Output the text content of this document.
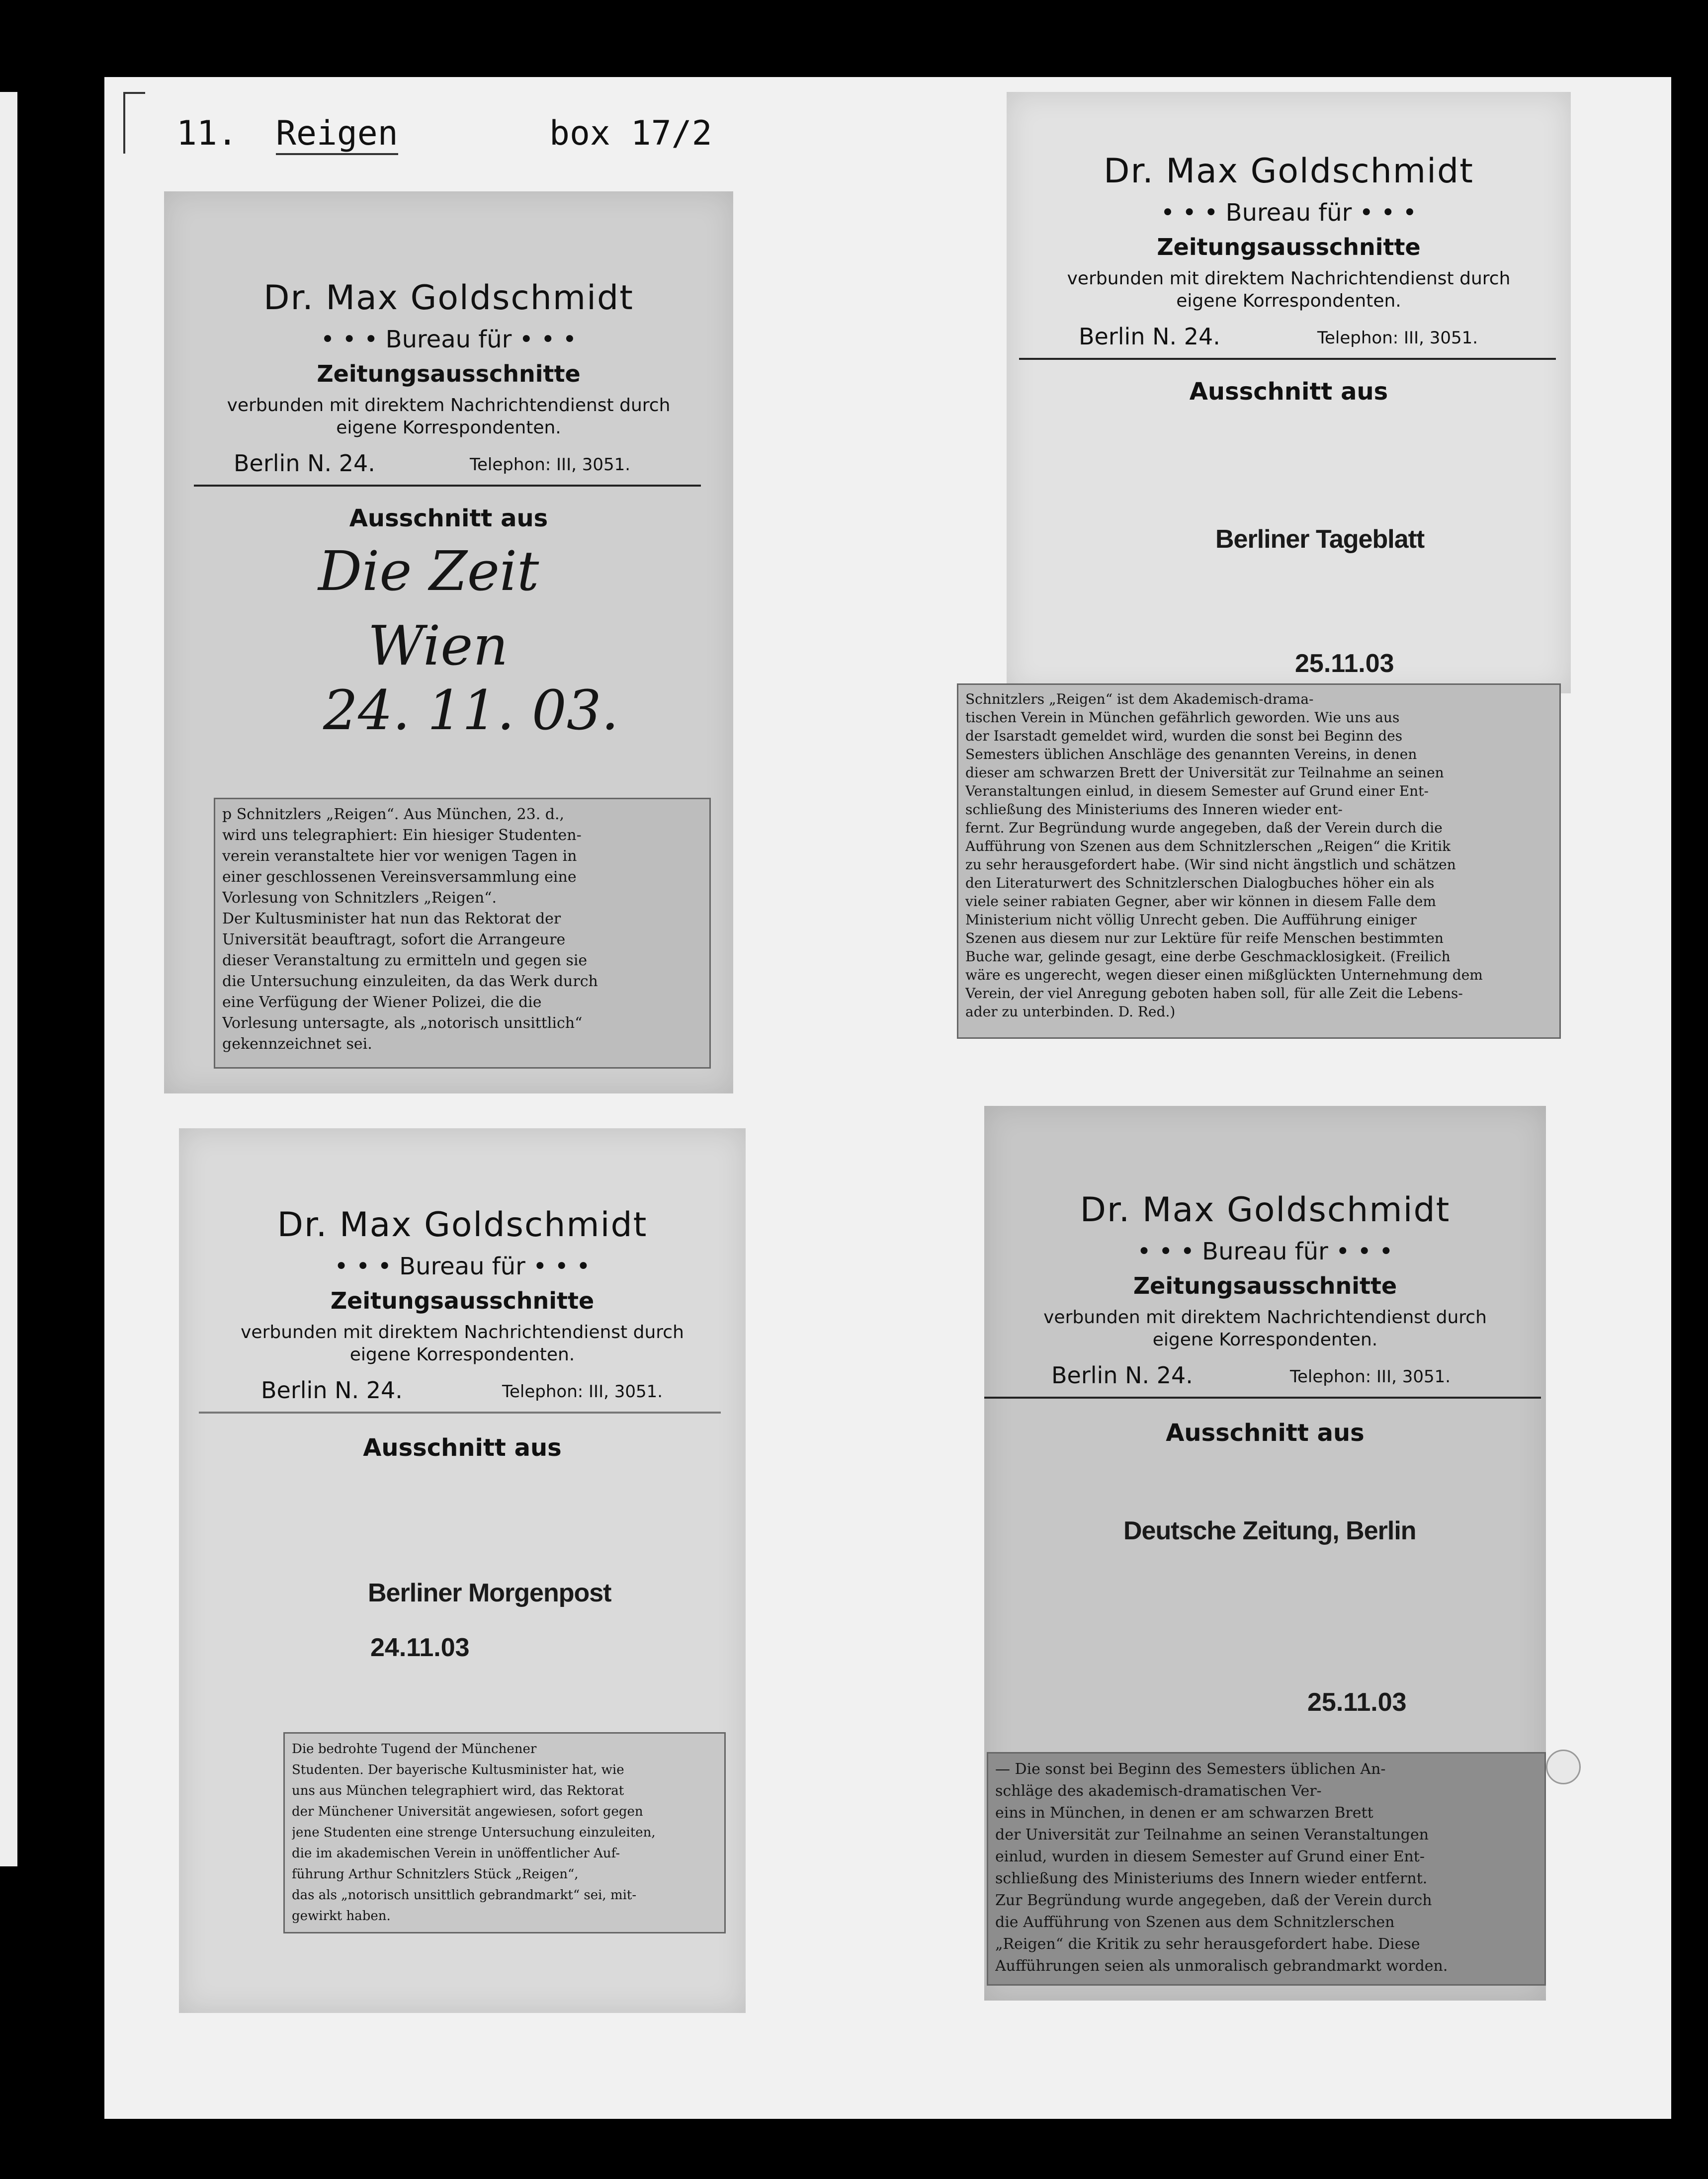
11. Reigen	box 17/2
Dr. Max Goldschmidt
• • • Bureau für • • •
Zeitungsausschnitte
verbunden mit direktem Nachrichtendienst durch
eigene Korrespondenten.
Berlin N. 24.	Telephon: III, 3051.
Ausschnitt aus
Die Zeit
Wien
24. 11. 03.
p Schnitzlers „Reigen“. Aus München, 23. d.,
wird uns telegraphiert: Ein hiesiger Studenten-
verein veranstaltete hier vor wenigen Tagen in
einer geschlossenen Vereinsversammlung eine
Vorlesung von Schnitzlers „Reigen“.
Der Kultusminister hat nun das Rektorat der
Universität beauftragt, sofort die Arrangeure
dieser Veranstaltung zu ermitteln und gegen sie
die Untersuchung einzuleiten, da das Werk durch
eine Verfügung der Wiener Polizei, die die
Vorlesung untersagte, als „notorisch unsittlich“
gekennzeichnet sei.
Dr. Max Goldschmidt
• • • Bureau für • • •
Zeitungsausschnitte
verbunden mit direktem Nachrichtendienst durch
eigene Korrespondenten.
Berlin N. 24.	Telephon: III, 3051.
Ausschnitt aus
Berliner Tageblatt
25.11.03
Schnitzlers „Reigen“ ist dem Akademisch-drama-
tischen Verein in München gefährlich geworden. Wie uns aus
der Isarstadt gemeldet wird, wurden die sonst bei Beginn des
Semesters üblichen Anschläge des genannten Vereins, in denen
dieser am schwarzen Brett der Universität zur Teilnahme an seinen
Veranstaltungen einlud, in diesem Semester auf Grund einer Ent-
schließung des Ministeriums des Inneren wieder ent-
fernt. Zur Begründung wurde angegeben, daß der Verein durch die
Aufführung von Szenen aus dem Schnitzlerschen „Reigen“ die Kritik
zu sehr herausgefordert habe. (Wir sind nicht ängstlich und schätzen
den Literaturwert des Schnitzlerschen Dialogbuches höher ein als
viele seiner rabiaten Gegner, aber wir können in diesem Falle dem
Ministerium nicht völlig Unrecht geben. Die Aufführung einiger
Szenen aus diesem nur zur Lektüre für reife Menschen bestimmten
Buche war, gelinde gesagt, eine derbe Geschmacklosigkeit. (Freilich
wäre es ungerecht, wegen dieser einen mißglückten Unternehmung dem
Verein, der viel Anregung geboten haben soll, für alle Zeit die Lebens-
ader zu unterbinden. D. Red.)
Dr. Max Goldschmidt
• • • Bureau für • • •
Zeitungsausschnitte
verbunden mit direktem Nachrichtendienst durch
eigene Korrespondenten.
Berlin N. 24.	Telephon: III, 3051.
Ausschnitt aus
Berliner Morgenpost
24.11.03
Die bedrohte Tugend der Münchener
Studenten. Der bayerische Kultusminister hat, wie
uns aus München telegraphiert wird, das Rektorat
der Münchener Universität angewiesen, sofort gegen
jene Studenten eine strenge Untersuchung einzuleiten,
die im akademischen Verein in unöffentlicher Auf-
führung Arthur Schnitzlers Stück „Reigen“,
das als „notorisch unsittlich gebrandmarkt“ sei, mit-
gewirkt haben.
Dr. Max Goldschmidt
• • • Bureau für • • •
Zeitungsausschnitte
verbunden mit direktem Nachrichtendienst durch
eigene Korrespondenten.
Berlin N. 24.	Telephon: III, 3051.
Ausschnitt aus
Deutsche Zeitung, Berlin
25.11.03
— Die sonst bei Beginn des Semesters üblichen An-
schläge des akademisch-dramatischen Ver-
eins in München, in denen er am schwarzen Brett
der Universität zur Teilnahme an seinen Veranstaltungen
einlud, wurden in diesem Semester auf Grund einer Ent-
schließung des Ministeriums des Innern wieder entfernt.
Zur Begründung wurde angegeben, daß der Verein durch
die Aufführung von Szenen aus dem Schnitzlerschen
„Reigen“ die Kritik zu sehr herausgefordert habe. Diese
Aufführungen seien als unmoralisch gebrandmarkt worden.
